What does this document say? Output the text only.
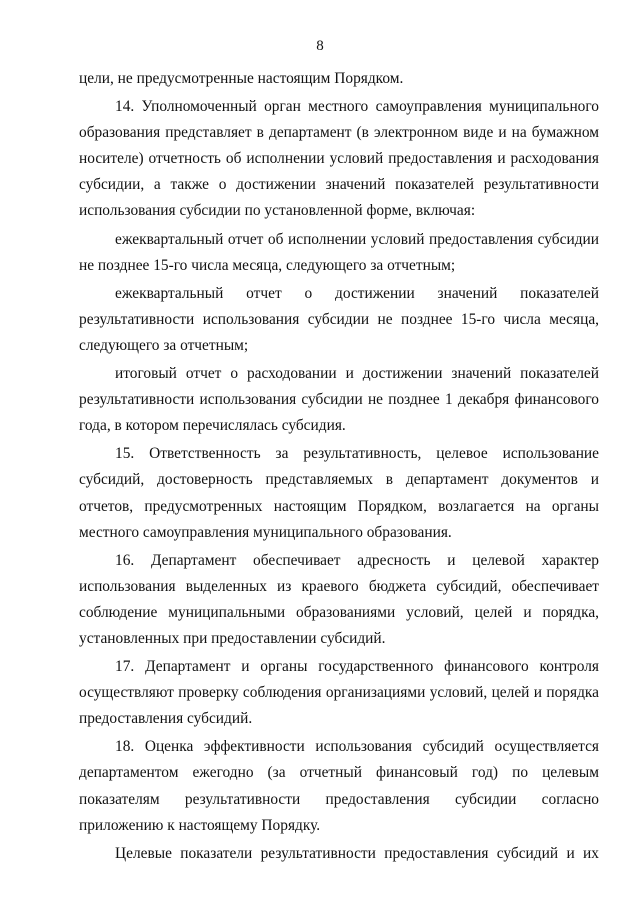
8

цели, не предусмотренные настоящим Порядком.

14. Уполномоченный орган местного самоуправления муниципального образования представляет в департамент (в электронном виде и на бумажном носителе) отчетность об исполнении условий предоставления и расходования субсидии, а также о достижении значений показателей результативности использования субсидии по установленной форме, включая:

ежеквартальный отчет об исполнении условий предоставления субсидии не позднее 15-го числа месяца, следующего за отчетным;

ежеквартальный отчет о достижении значений показателей результативности использования субсидии не позднее 15-го числа месяца, следующего за отчетным;

итоговый отчет о расходовании и достижении значений показателей результативности использования субсидии не позднее 1 декабря финансового года, в котором перечислялась субсидия.

15. Ответственность за результативность, целевое использование субсидий, достоверность представляемых в департамент документов и отчетов, предусмотренных настоящим Порядком, возлагается на органы местного самоуправления муниципального образования.

16. Департамент обеспечивает адресность и целевой характер использования выделенных из краевого бюджета субсидий, обеспечивает соблюдение муниципальными образованиями условий, целей и порядка, установленных при предоставлении субсидий.

17. Департамент и органы государственного финансового контроля осуществляют проверку соблюдения организациями условий, целей и порядка предоставления субсидий.

18. Оценка эффективности использования субсидий осуществляется департаментом ежегодно (за отчетный финансовый год) по целевым показателям результативности предоставления субсидии согласно приложению к настоящему Порядку.

Целевые показатели результативности предоставления субсидий и их
